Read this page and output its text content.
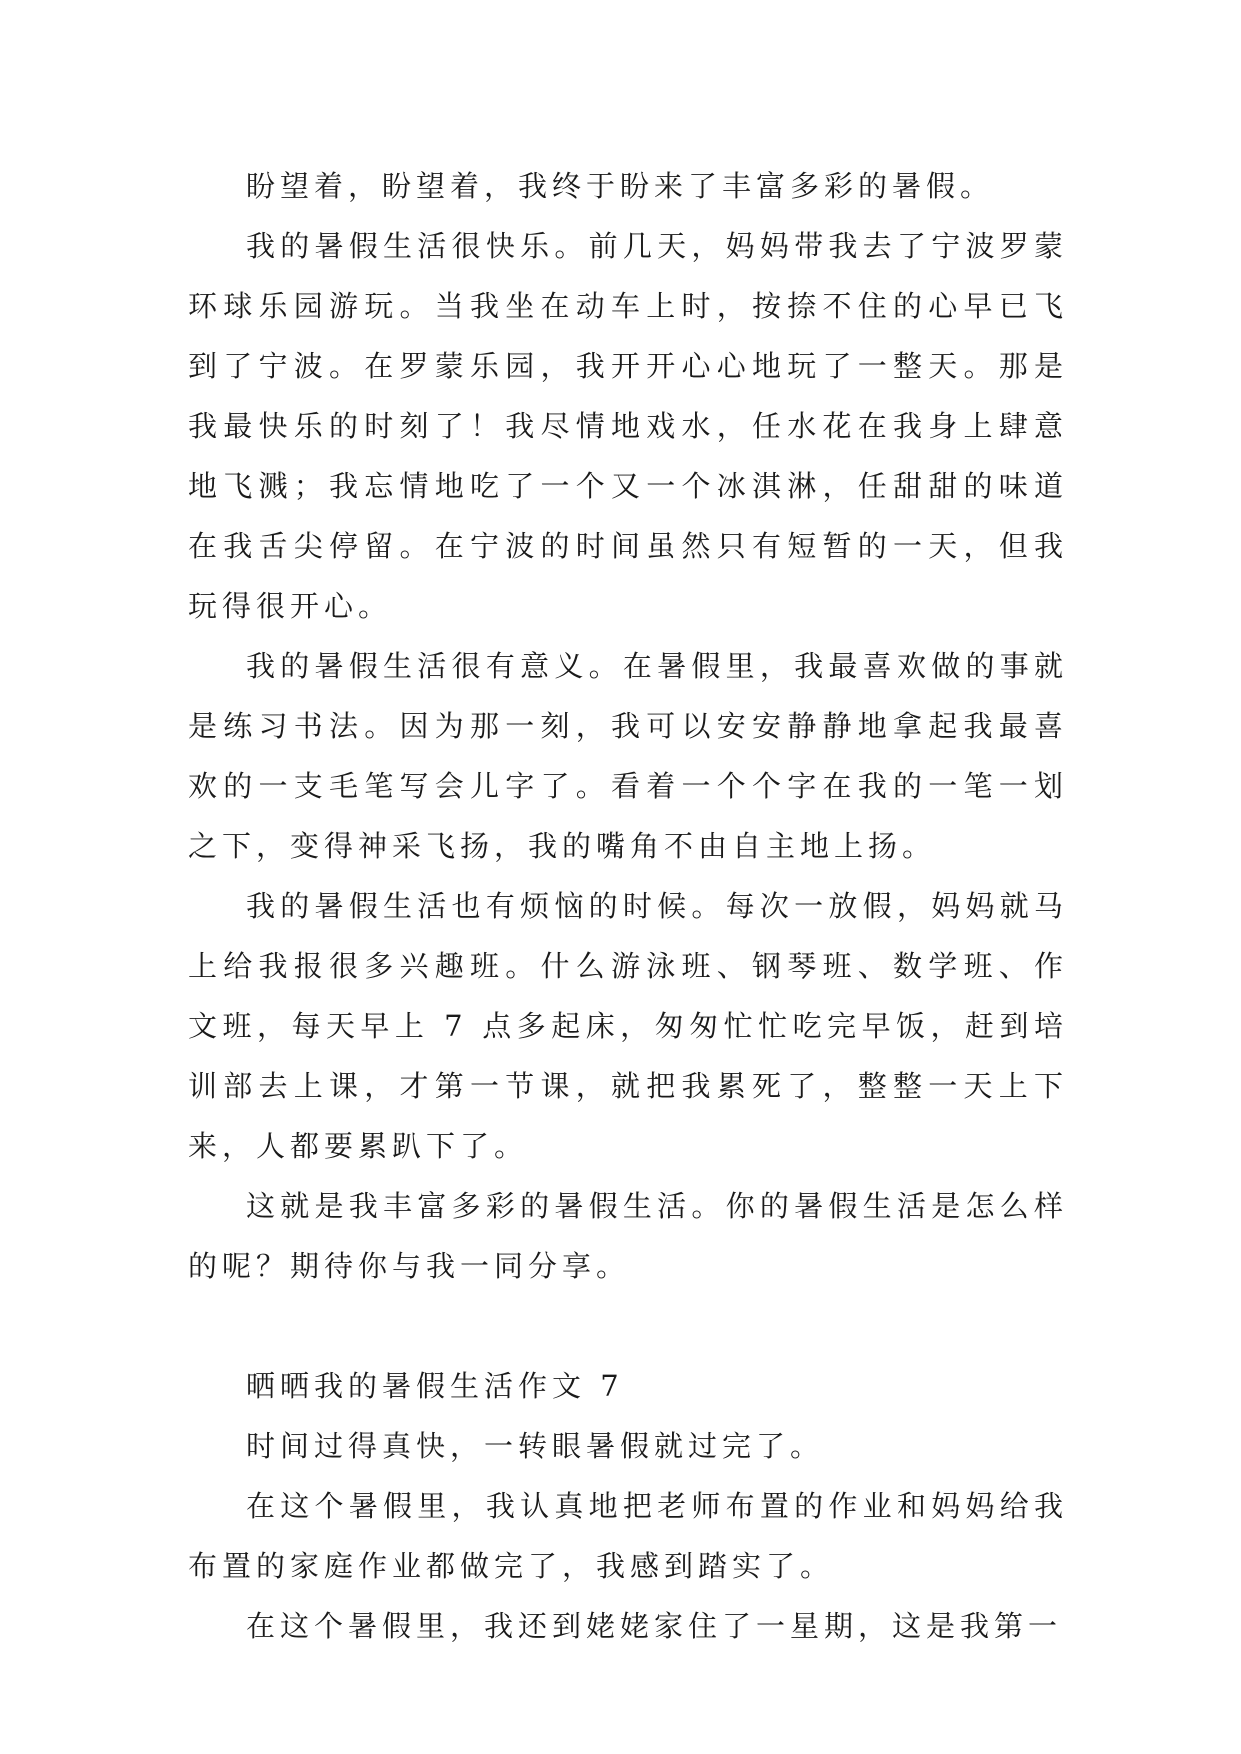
盼望着，盼望着，我终于盼来了丰富多彩的暑假。

我的暑假生活很快乐。前几天，妈妈带我去了宁波罗蒙环球乐园游玩。当我坐在动车上时，按捺不住的心早已飞到了宁波。在罗蒙乐园，我开开心心地玩了一整天。那是我最快乐的时刻了！我尽情地戏水，任水花在我身上肆意地飞溅；我忘情地吃了一个又一个冰淇淋，任甜甜的味道在我舌尖停留。在宁波的时间虽然只有短暂的一天，但我玩得很开心。

我的暑假生活很有意义。在暑假里，我最喜欢做的事就是练习书法。因为那一刻，我可以安安静静地拿起我最喜欢的一支毛笔写会儿字了。看着一个个字在我的一笔一划之下，变得神采飞扬，我的嘴角不由自主地上扬。

我的暑假生活也有烦恼的时候。每次一放假，妈妈就马上给我报很多兴趣班。什么游泳班、钢琴班、数学班、作文班，每天早上 7 点多起床，匆匆忙忙吃完早饭，赶到培训部去上课，才第一节课，就把我累死了，整整一天上下来，人都要累趴下了。

这就是我丰富多彩的暑假生活。你的暑假生活是怎么样的呢？期待你与我一同分享。

晒晒我的暑假生活作文 7

时间过得真快，一转眼暑假就过完了。

在这个暑假里，我认真地把老师布置的作业和妈妈给我布置的家庭作业都做完了，我感到踏实了。

在这个暑假里，我还到姥姥家住了一星期，这是我第一
